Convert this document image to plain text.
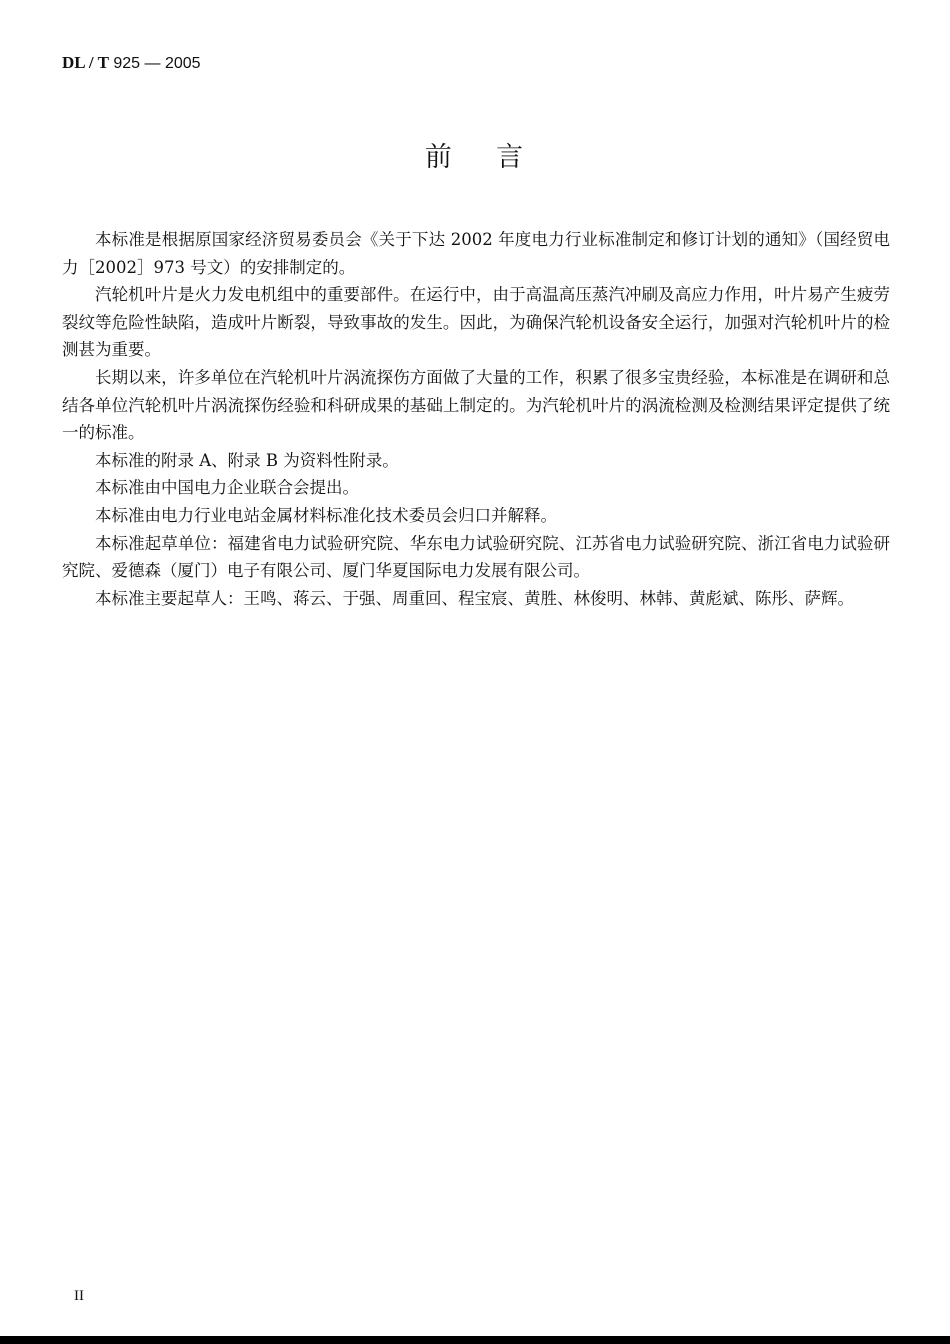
DL / T 925 — 2005
前    言

本标准是根据原国家经济贸易委员会《关于下达 2002 年度电力行业标准制定和修订计划的通知》（国经贸电力［2002］973 号文）的安排制定的。

汽轮机叶片是火力发电机组中的重要部件。在运行中，由于高温高压蒸汽冲刷及高应力作用，叶片易产生疲劳裂纹等危险性缺陷，造成叶片断裂，导致事故的发生。因此，为确保汽轮机设备安全运行，加强对汽轮机叶片的检测甚为重要。

长期以来，许多单位在汽轮机叶片涡流探伤方面做了大量的工作，积累了很多宝贵经验，本标准是在调研和总结各单位汽轮机叶片涡流探伤经验和科研成果的基础上制定的。为汽轮机叶片的涡流检测及检测结果评定提供了统一的标准。

本标准的附录 A、附录 B 为资料性附录。

本标准由中国电力企业联合会提出。

本标准由电力行业电站金属材料标准化技术委员会归口并解释。

本标准起草单位：福建省电力试验研究院、华东电力试验研究院、江苏省电力试验研究院、浙江省电力试验研究院、爱德森（厦门）电子有限公司、厦门华夏国际电力发展有限公司。

本标准主要起草人：王鸣、蒋云、于强、周重回、程宝宸、黄胜、林俊明、林韩、黄彪斌、陈彤、萨辉。

II
